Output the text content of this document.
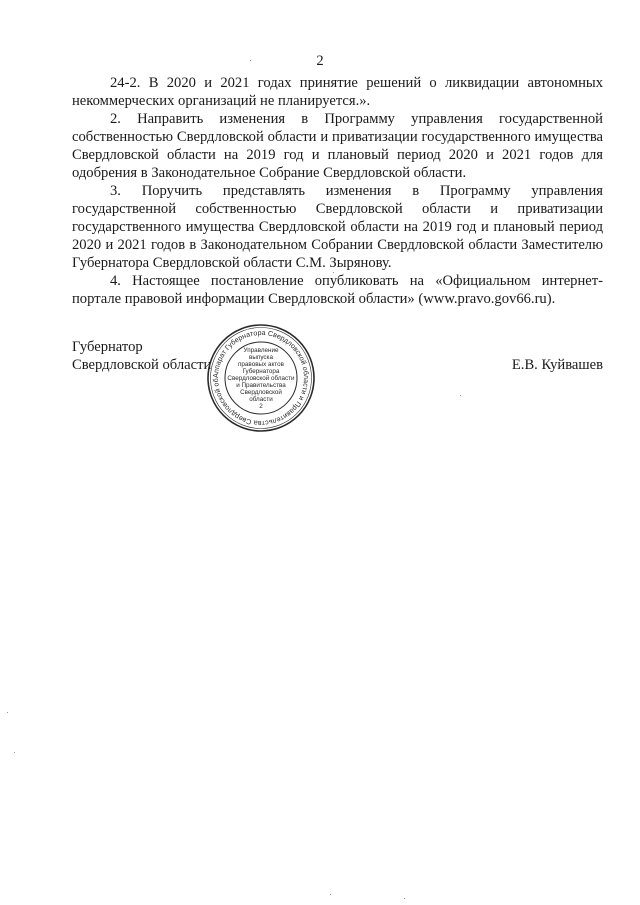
2

24-2. В 2020 и 2021 годах принятие решений о ликвидации автономных некоммерческих организаций не планируется.».

2. Направить изменения в Программу управления государственной собственностью Свердловской области и приватизации государственного имущества Свердловской области на 2019 год и плановый период 2020 и 2021 годов для одобрения в Законодательное Собрание Свердловской области.

3. Поручить представлять изменения в Программу управления государственной собственностью Свердловской области и приватизации государственного имущества Свердловской области на 2019 год и плановый период 2020 и 2021 годов в Законодательном Собрании Свердловской области Заместителю Губернатора Свердловской области С.М. Зырянову.

4. Настоящее постановление опубликовать на «Официальном интернет-портале правовой информации Свердловской области» (www.pravo.gov66.ru).

Губернатор
Свердловской области
Аппарат Губернатора Свердловской области и Правительства Свердловской об
Управление
выпуска
правовых актов
Губернатора
Свердловской области
и Правительства
Свердловской
области
2
Е.В. Куйвашев
